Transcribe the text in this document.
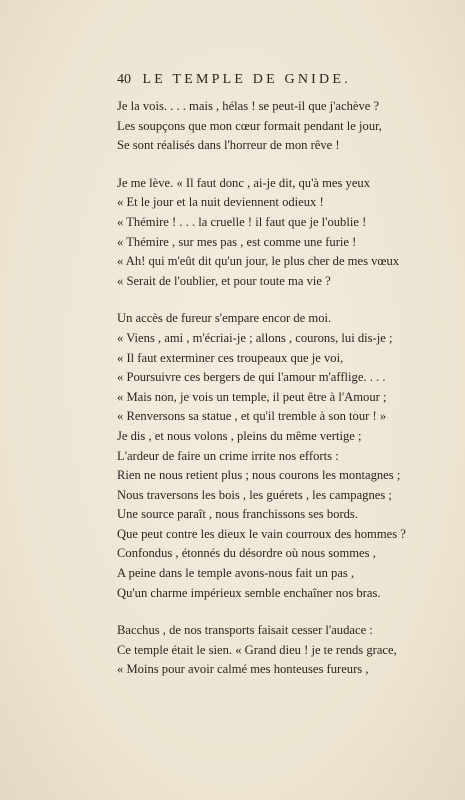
40 LE TEMPLE DE GNIDE.
Je la vois. . . . mais , hélas ! se peut-il que j'achève ?
Les soupçons que mon cœur formait pendant le jour,
Se sont réalisés dans l'horreur de mon rêve !
Je me lève. « Il faut donc , ai-je dit, qu'à mes yeux
« Et le jour et la nuit deviennent odieux !
« Thémire ! . . . la cruelle ! il faut que je l'oublie !
« Thémire , sur mes pas , est comme une furie !
« Ah! qui m'eût dit qu'un jour, le plus cher de mes vœux
« Serait de l'oublier, et pour toute ma vie ?
Un accès de fureur s'empare encor de moi.
« Viens , ami , m'écriai-je ; allons , courons, lui dis-je ;
« Il faut exterminer ces troupeaux que je voi,
« Poursuivre ces bergers de qui l'amour m'afflige. . . .
« Mais non, je vois un temple, il peut être à l'Amour ;
« Renversons sa statue , et qu'il tremble à son tour ! »
Je dis , et nous volons , pleins du même vertige ;
L'ardeur de faire un crime irrite nos efforts :
Rien ne nous retient plus ; nous courons les montagnes ;
Nous traversons les bois , les guérets , les campagnes ;
Une source paraît , nous franchissons ses bords.
Que peut contre les dieux le vain courroux des hommes ?
Confondus , étonnés du désordre où nous sommes ,
A peine dans le temple avons-nous fait un pas ,
Qu'un charme impérieux semble enchaîner nos bras.
Bacchus , de nos transports faisait cesser l'audace :
Ce temple était le sien. « Grand dieu ! je te rends grace,
« Moins pour avoir calmé mes honteuses fureurs ,
